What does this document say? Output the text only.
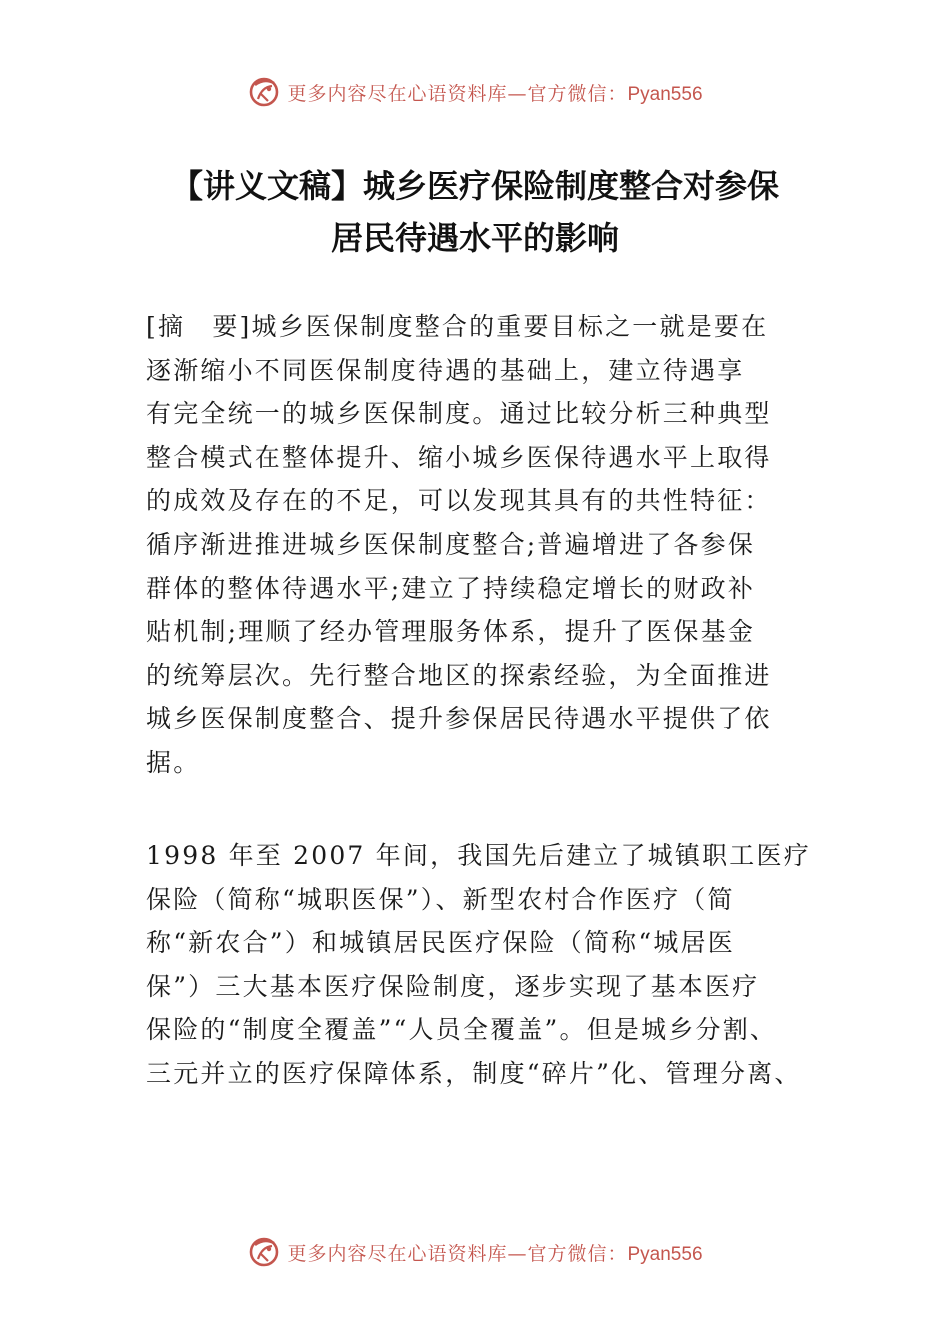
更多内容尽在心语资料库—官方微信：Pyan556
【讲义文稿】城乡医疗保险制度整合对参保
居民待遇水平的影响
[摘　要]城乡医保制度整合的重要目标之一就是要在
逐渐缩小不同医保制度待遇的基础上，建立待遇享
有完全统一的城乡医保制度。通过比较分析三种典型
整合模式在整体提升、缩小城乡医保待遇水平上取得
的成效及存在的不足，可以发现其具有的共性特征：
循序渐进推进城乡医保制度整合;普遍增进了各参保
群体的整体待遇水平;建立了持续稳定增长的财政补
贴机制;理顺了经办管理服务体系，提升了医保基金
的统筹层次。先行整合地区的探索经验，为全面推进
城乡医保制度整合、提升参保居民待遇水平提供了依
据。
1998 年至 2007 年间，我国先后建立了城镇职工医疗
保险（简称“城职医保”）、新型农村合作医疗（简
称“新农合”）和城镇居民医疗保险（简称“城居医
保”）三大基本医疗保险制度，逐步实现了基本医疗
保险的“制度全覆盖”“人员全覆盖”。但是城乡分割、
三元并立的医疗保障体系，制度“碎片”化、管理分离、
更多内容尽在心语资料库—官方微信：Pyan556
